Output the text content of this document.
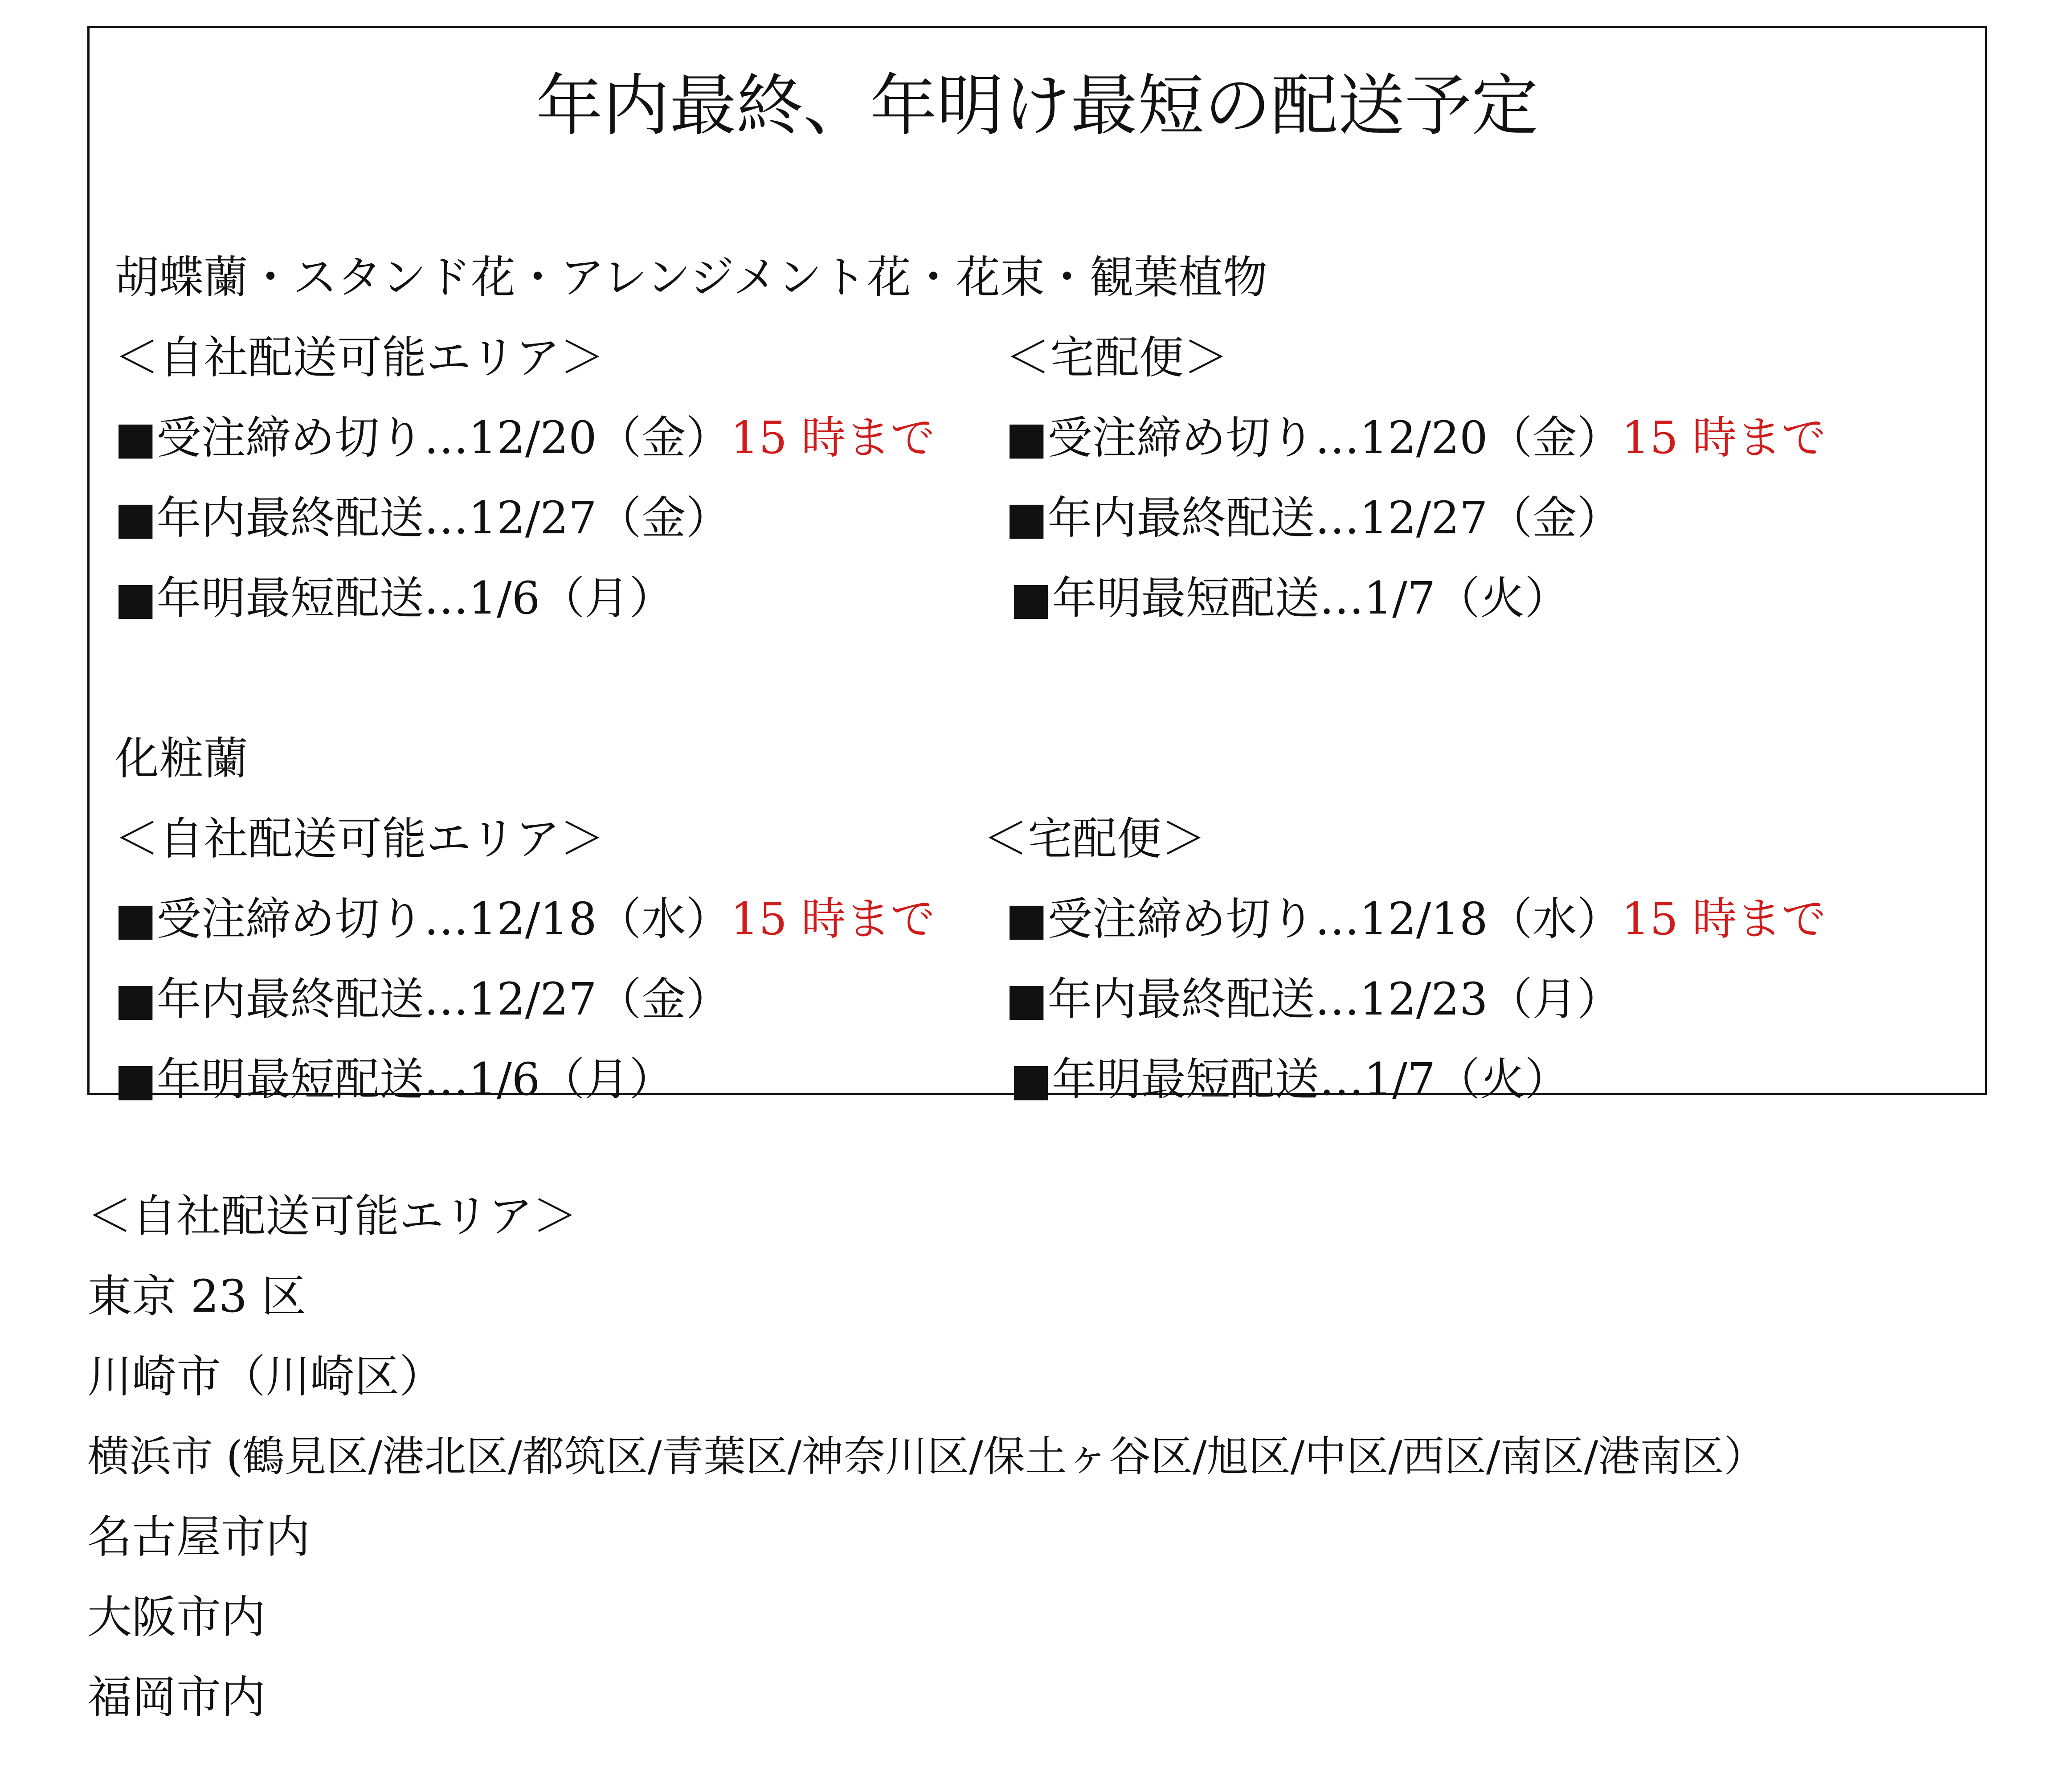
年内最終、年明け最短の配送予定
胡蝶蘭・スタンド花・アレンジメント花・花束・観葉植物
＜自社配送可能エリア＞	＜宅配便＞
■受注締め切り…12/20（金）15 時まで ■受注締め切り…12/20（金）15 時まで
■年内最終配送…12/27（金）	■年内最終配送…12/27（金）
■年明最短配送…1/6（月）	■年明最短配送…1/7（火）
化粧蘭
＜自社配送可能エリア＞	＜宅配便＞
■受注締め切り…12/18（水）15 時まで ■受注締め切り…12/18（水）15 時まで
■年内最終配送…12/27（金）	■年内最終配送…12/23（月）
■年明最短配送…1/6（月）	■年明最短配送…1/7（火）
＜自社配送可能エリア＞
東京 23 区
川崎市（川崎区）
横浜市 (鶴見区/港北区/都筑区/青葉区/神奈川区/保土ヶ谷区/旭区/中区/西区/南区/港南区）
名古屋市内
大阪市内
福岡市内
